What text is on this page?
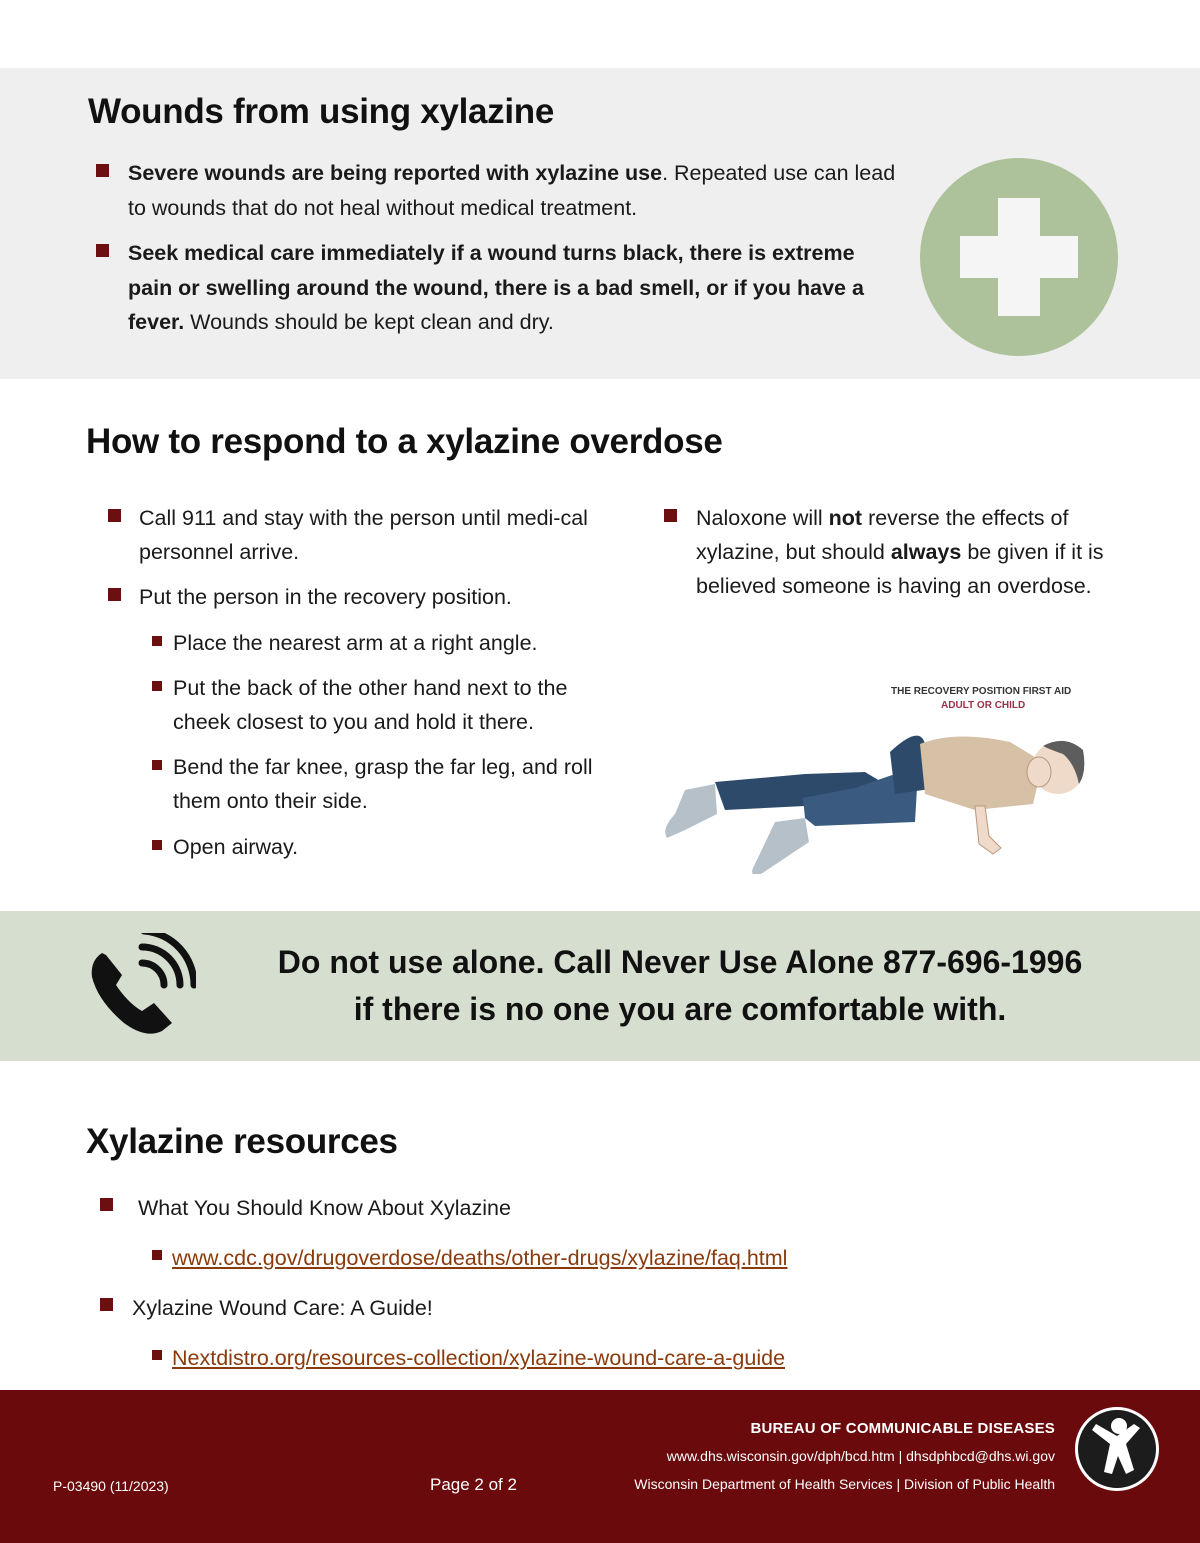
Wounds from using xylazine
Severe wounds are being reported with xylazine use. Repeated use can lead to wounds that do not heal without medical treatment.
Seek medical care immediately if a wound turns black, there is extreme pain or swelling around the wound, there is a bad smell, or if you have a fever. Wounds should be kept clean and dry.
How to respond to a xylazine overdose
Call 911 and stay with the person until medi-cal personnel arrive.
Put the person in the recovery position.
Place the nearest arm at a right angle.
Put the back of the other hand next to the cheek closest to you and hold it there.
Bend the far knee, grasp the far leg, and roll them onto their side.
Open airway.
Naloxone will not reverse the effects of xylazine, but should always be given if it is believed someone is having an overdose.
THE RECOVERY POSITION FIRST AID
ADULT OR CHILD
Do not use alone. Call Never Use Alone 877-696-1996
if there is no one you are comfortable with.
Xylazine resources
What You Should Know About Xylazine
www.cdc.gov/drugoverdose/deaths/other-drugs/xylazine/faq.html
Xylazine Wound Care: A Guide!
Nextdistro.org/resources-collection/xylazine-wound-care-a-guide
BUREAU OF COMMUNICABLE DISEASES
www.dhs.wisconsin.gov/dph/bcd.htm | dhsdphbcd@dhs.wi.gov
Wisconsin Department of Health Services | Division of Public Health
P-03490 (11/2023)	Page 2 of 2
